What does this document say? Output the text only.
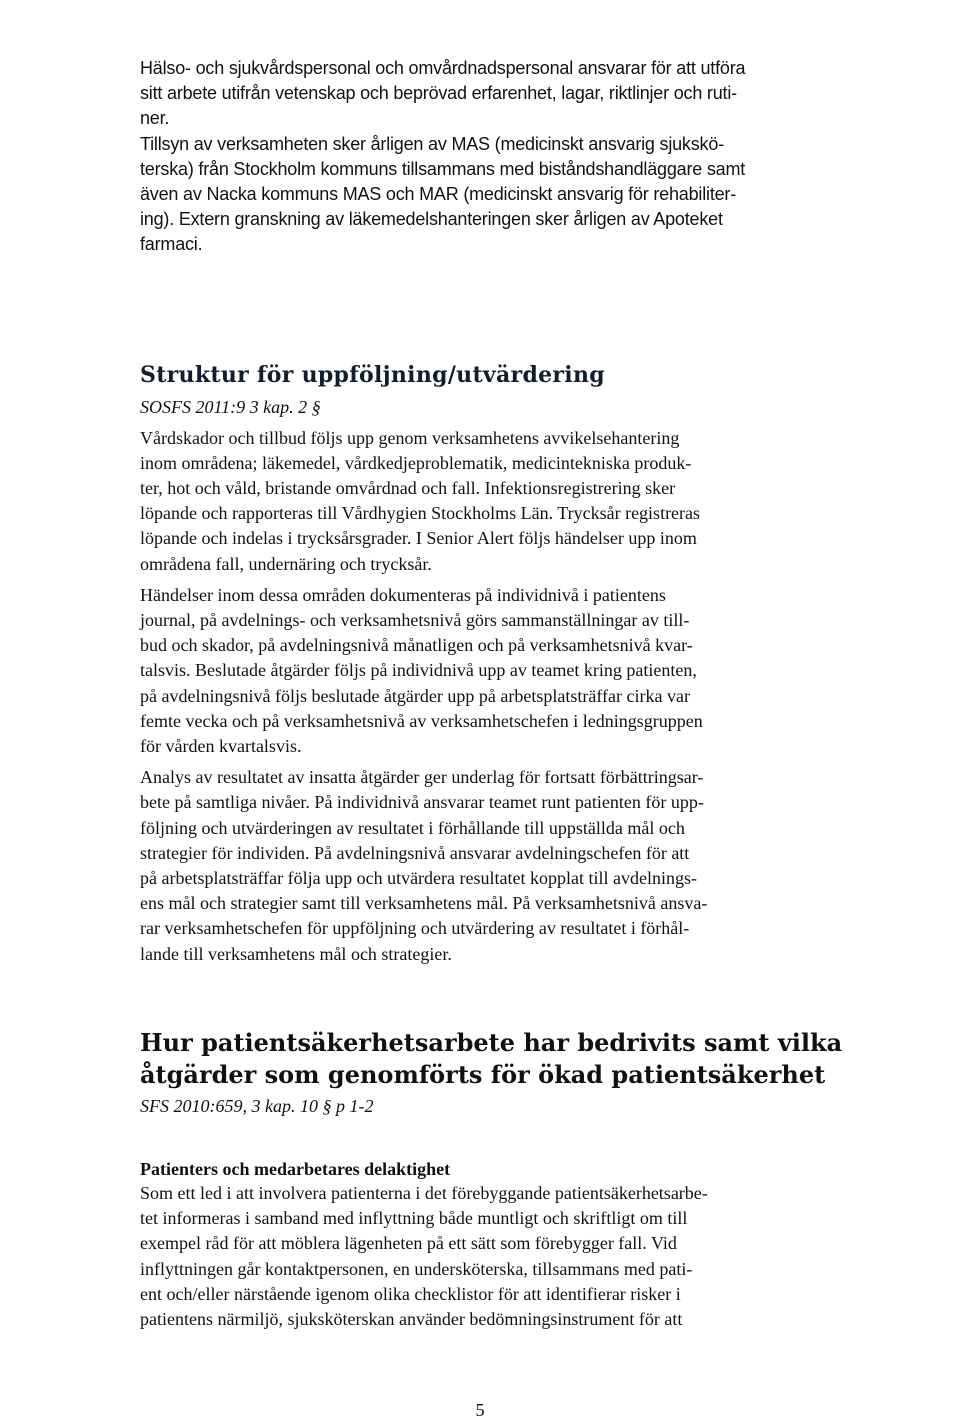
Hälso- och sjukvårdspersonal och omvårdnadspersonal ansvarar för att utföra
sitt arbete utifrån vetenskap och beprövad erfarenhet, lagar, riktlinjer och ruti-
ner.
Tillsyn av verksamheten sker årligen av MAS (medicinskt ansvarig sjukskö-
terska) från Stockholm kommuns tillsammans med biståndshandläggare samt
även av Nacka kommuns MAS och MAR (medicinskt ansvarig för rehabiliter-
ing). Extern granskning av läkemedelshanteringen sker årligen av Apoteket
farmaci.
Struktur för uppföljning/utvärdering
SOSFS 2011:9 3 kap. 2 §
Vårdskador och tillbud följs upp genom verksamhetens avvikelsehantering
inom områdena; läkemedel, vårdkedjeproblematik, medicintekniska produk-
ter, hot och våld, bristande omvårdnad och fall. Infektionsregistrering sker
löpande och rapporteras till Vårdhygien Stockholms Län. Trycksår registreras
löpande och indelas i trycksårsgrader. I Senior Alert följs händelser upp inom
områdena fall, undernäring och trycksår.
Händelser inom dessa områden dokumenteras på individnivå i patientens
journal, på avdelnings- och verksamhetsnivå görs sammanställningar av till-
bud och skador, på avdelningsnivå månatligen och på verksamhetsnivå kvar-
talsvis. Beslutade åtgärder följs på individnivå upp av teamet kring patienten,
på avdelningsnivå följs beslutade åtgärder upp på arbetsplatsträffar cirka var
femte vecka och på verksamhetsnivå av verksamhetschefen i ledningsgruppen
för vården kvartalsvis.
Analys av resultatet av insatta åtgärder ger underlag för fortsatt förbättringsar-
bete på samtliga nivåer. På individnivå ansvarar teamet runt patienten för upp-
följning och utvärderingen av resultatet i förhållande till uppställda mål och
strategier för individen. På avdelningsnivå ansvarar avdelningschefen för att
på arbetsplatsträffar följa upp och utvärdera resultatet kopplat till avdelnings-
ens mål och strategier samt till verksamhetens mål. På verksamhetsnivå ansva-
rar verksamhetschefen för uppföljning och utvärdering av resultatet i förhål-
lande till verksamhetens mål och strategier.
Hur patientsäkerhetsarbete har bedrivits samt vilka
åtgärder som genomförts för ökad patientsäkerhet
SFS 2010:659, 3 kap. 10 § p 1-2
Patienters och medarbetares delaktighet
Som ett led i att involvera patienterna i det förebyggande patientsäkerhetsarbe-
tet informeras i samband med inflyttning både muntligt och skriftligt om till
exempel råd för att möblera lägenheten på ett sätt som förebygger fall. Vid
inflyttningen går kontaktpersonen, en undersköterska, tillsammans med pati-
ent och/eller närstående igenom olika checklistor för att identifierar risker i
patientens närmiljö, sjuksköterskan använder bedömningsinstrument för att
5
